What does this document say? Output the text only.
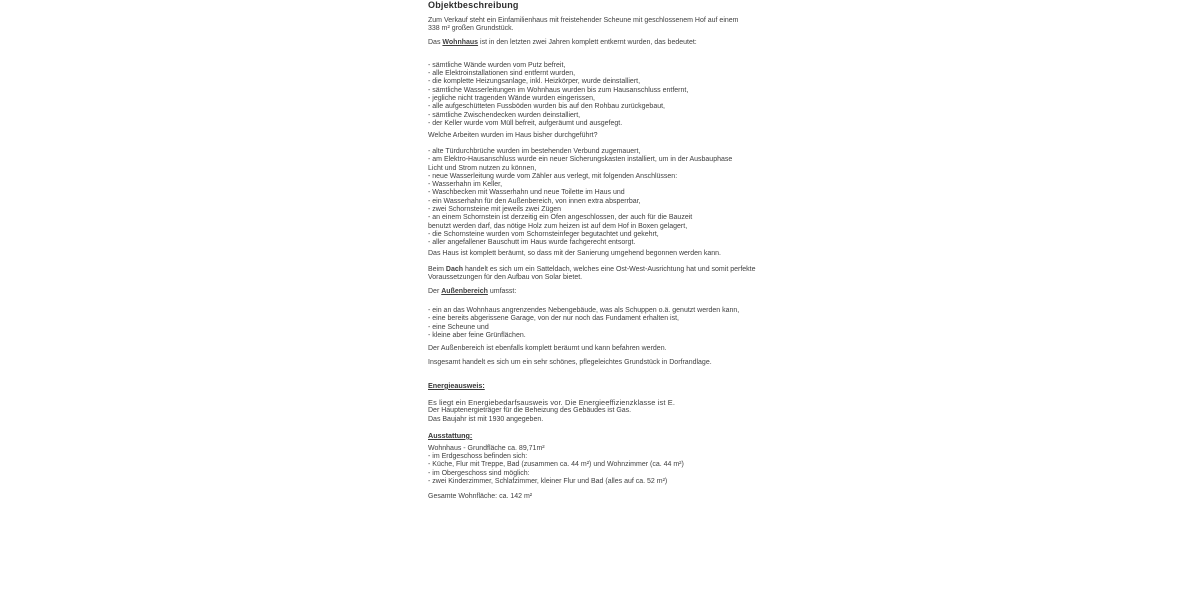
Objektbeschreibung
Zum Verkauf steht ein Einfamilienhaus mit freistehender Scheune mit geschlossenem Hof auf einem
338 m² großen Grundstück.
Das Wohnhaus ist in den letzten zwei Jahren komplett entkernt wurden, das bedeutet:
- sämtliche Wände wurden vom Putz befreit,
- alle Elektroinstallationen sind entfernt wurden,
- die komplette Heizungsanlage, inkl. Heizkörper, wurde deinstalliert,
- sämtliche Wasserleitungen im Wohnhaus wurden bis zum Hausanschluss entfernt,
- jegliche nicht tragenden Wände wurden eingerissen,
- alle aufgeschütteten Fussböden wurden bis auf den Rohbau zurückgebaut,
- sämtliche Zwischendecken wurden deinstalliert,
- der Keller wurde vom Müll befreit, aufgeräumt und ausgefegt.
Welche Arbeiten wurden im Haus bisher durchgeführt?
- alte Türdurchbrüche wurden im bestehenden Verbund zugemauert,
- am Elektro-Hausanschluss wurde ein neuer Sicherungskasten installiert, um in der Ausbauphase
Licht und Strom nutzen zu können,
- neue Wasserleitung wurde vom Zähler aus verlegt, mit folgenden Anschlüssen:
- Wasserhahn im Keller,
- Waschbecken mit Wasserhahn und neue Toilette im Haus und
- ein Wasserhahn für den Außenbereich, von innen extra absperrbar,
- zwei Schornsteine mit jeweils zwei Zügen
- an einem Schornstein ist derzeitig ein Ofen angeschlossen, der auch für die Bauzeit
benutzt werden darf, das nötige Holz zum heizen ist auf dem Hof in Boxen gelagert,
- die Schornsteine wurden vom Schornsteinfeger begutachtet und gekehrt,
- aller angefallener Bauschutt im Haus wurde fachgerecht entsorgt.
Das Haus ist komplett beräumt, so dass mit der Sanierung umgehend begonnen werden kann.
Beim Dach handelt es sich um ein Satteldach, welches eine Ost-West-Ausrichtung hat und somit perfekte
Voraussetzungen für den Aufbau von Solar bietet.
Der Außenbereich umfasst:
- ein an das Wohnhaus angrenzendes Nebengebäude, was als Schuppen o.ä. genutzt werden kann,
- eine bereits abgerissene Garage, von der nur noch das Fundament erhalten ist,
- eine Scheune und
- kleine aber feine Grünflächen.
Der Außenbereich ist ebenfalls komplett beräumt und kann befahren werden.
Insgesamt handelt es sich um ein sehr schönes, pflegeleichtes Grundstück in Dorfrandlage.
Energieausweis:
Es liegt ein Energiebedarfsausweis vor. Die Energieeffizienzklasse ist E.
Der Hauptenergieträger für die Beheizung des Gebäudes ist Gas.
Das Baujahr ist mit 1930 angegeben.
Ausstattung:
Wohnhaus - Grundfläche ca. 89,71m²
- im Erdgeschoss befinden sich:
- Küche, Flur mit Treppe, Bad (zusammen ca. 44 m²) und Wohnzimmer (ca. 44 m²)
- im Obergeschoss sind möglich:
- zwei Kinderzimmer, Schlafzimmer, kleiner Flur und Bad (alles auf ca. 52 m²)
Gesamte Wohnfläche: ca. 142 m²
